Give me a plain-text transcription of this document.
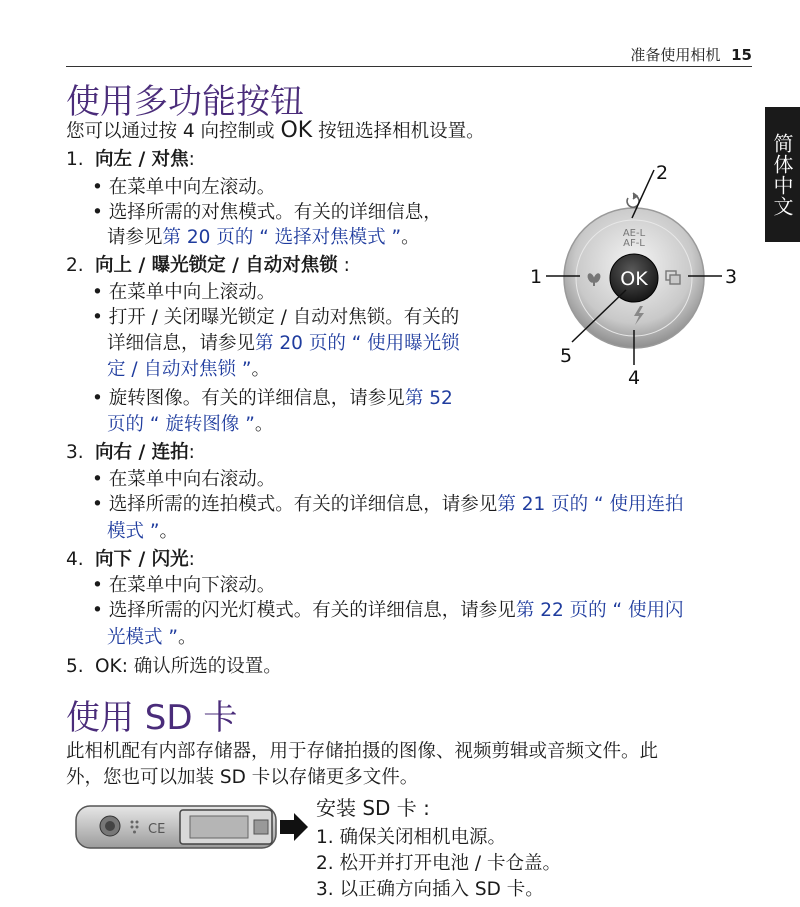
准备使用相机 15
简体中文
使用多功能按钮

您可以通过按 4 向控制或 OK 按钮选择相机设置。

1. 向左 / 对焦:

• 在菜单中向左滚动。

• 选择所需的对焦模式。有关的详细信息，

请参见第 20 页的 “ 选择对焦模式 ”。

2. 向上 / 曝光锁定 / 自动对焦锁 :

• 在菜单中向上滚动。

• 打开 / 关闭曝光锁定 / 自动对焦锁。有关的

详细信息，请参见第 20 页的 “ 使用曝光锁

定 / 自动对焦锁 ”。

• 旋转图像。有关的详细信息，请参见第 52

页的 “ 旋转图像 ”。

3. 向右 / 连拍:

• 在菜单中向右滚动。

• 选择所需的连拍模式。有关的详细信息，请参见第 21 页的 “ 使用连拍

模式 ”。

4. 向下 / 闪光:

• 在菜单中向下滚动。

• 选择所需的闪光灯模式。有关的详细信息，请参见第 22 页的 “ 使用闪

光模式 ”。

5. OK: 确认所选的设置。

AE-L
AF-L
OK
1
2
3
4
5
使用 SD 卡

此相机配有内部存储器，用于存储拍摄的图像、视频剪辑或音频文件。此

外，您也可以加装 SD 卡以存储更多文件。

CE

安装 SD 卡 :

1. 确保关闭相机电源。

2. 松开并打开电池 / 卡仓盖。

3. 以正确方向插入 SD 卡。
